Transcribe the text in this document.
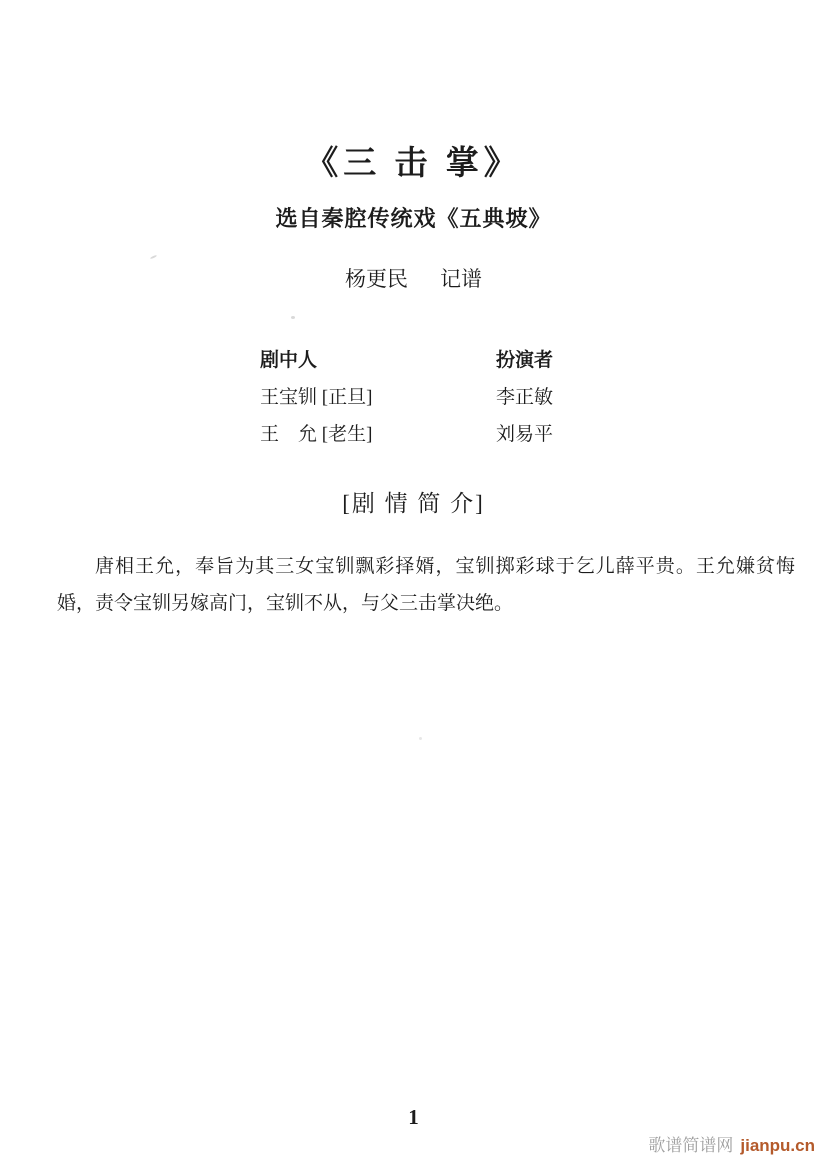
《三 击 掌》
选自秦腔传统戏《五典坡》
杨更民 记谱
剧中人	扮演者
王宝钏 [正旦]	李正敏
王　允 [老生]	刘易平
[剧 情 简 介]
唐相王允，奉旨为其三女宝钏飘彩择婿，宝钏掷彩球于乞儿薛平贵。王允嫌贫悔婚，责令宝钏另嫁高门，宝钏不从，与父三击掌决绝。
1
歌谱简谱网 jianpu.cn
